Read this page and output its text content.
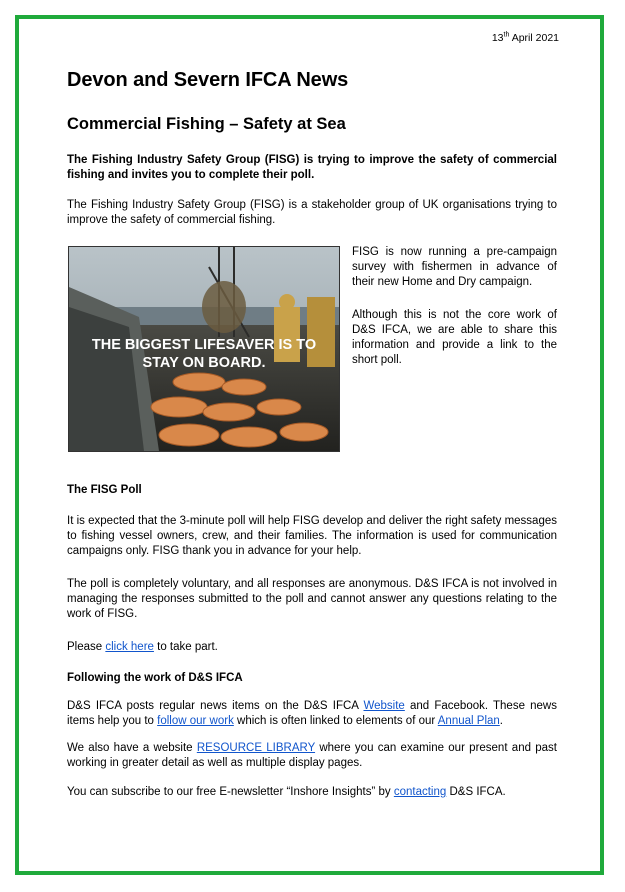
13th April 2021
Devon and Severn IFCA News
Commercial Fishing – Safety at Sea

The Fishing Industry Safety Group (FISG) is trying to improve the safety of commercial fishing and invites you to complete their poll.

The Fishing Industry Safety Group (FISG) is a stakeholder group of UK organisations trying to improve the safety of commercial fishing.

THE BIGGEST LIFESAVER IS TO
STAY ON BOARD.

FISG is now running a pre-campaign survey with fishermen in advance of their new Home and Dry campaign.

Although this is not the core work of D&S IFCA, we are able to share this information and provide a link to the short poll.

The FISG Poll

It is expected that the 3-minute poll will help FISG develop and deliver the right safety messages to fishing vessel owners, crew, and their families. The information is used for communication campaigns only. FISG thank you in advance for your help.

The poll is completely voluntary, and all responses are anonymous. D&S IFCA is not involved in managing the responses submitted to the poll and cannot answer any questions relating to the work of FISG.

Please click here to take part.

Following the work of D&S IFCA

D&S IFCA posts regular news items on the D&S IFCA Website and Facebook. These news items help you to follow our work which is often linked to elements of our Annual Plan.

We also have a website RESOURCE LIBRARY where you can examine our present and past working in greater detail as well as multiple display pages.

You can subscribe to our free E-newsletter “Inshore Insights” by contacting D&S IFCA.
